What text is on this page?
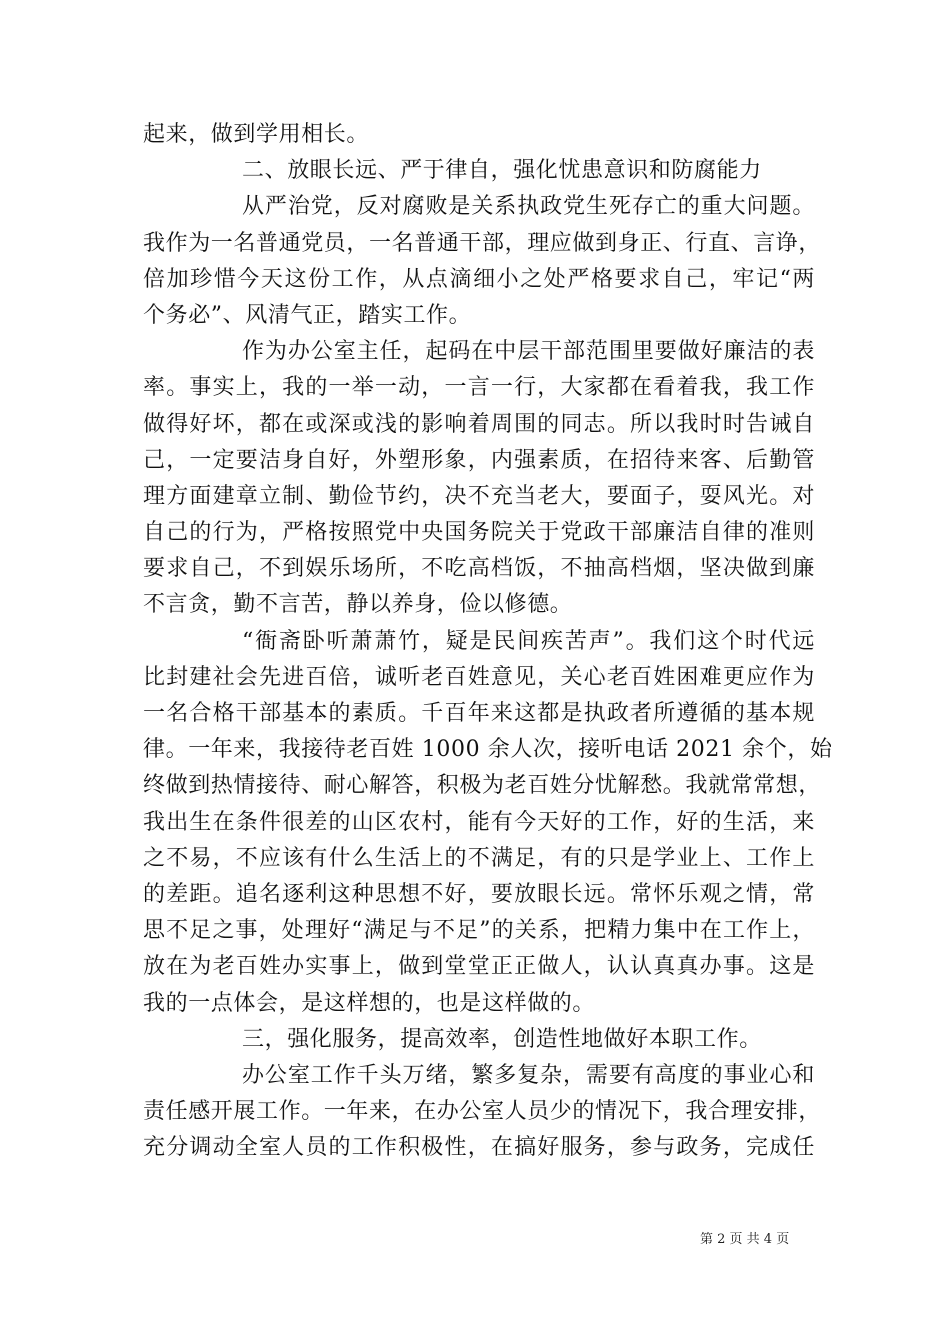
起来，做到学用相长。
二、放眼长远、严于律自，强化忧患意识和防腐能力
从严治党，反对腐败是关系执政党生死存亡的重大问题。
我作为一名普通党员，一名普通干部，理应做到身正、行直、言诤，
倍加珍惜今天这份工作，从点滴细小之处严格要求自己，牢记“两
个务必”、风清气正，踏实工作。
作为办公室主任，起码在中层干部范围里要做好廉洁的表
率。事实上，我的一举一动，一言一行，大家都在看着我，我工作
做得好坏，都在或深或浅的影响着周围的同志。所以我时时告诫自
己，一定要洁身自好，外塑形象，内强素质，在招待来客、后勤管
理方面建章立制、勤俭节约，决不充当老大，要面子，耍风光。对
自己的行为，严格按照党中央国务院关于党政干部廉洁自律的准则
要求自己，不到娱乐场所，不吃高档饭，不抽高档烟，坚决做到廉
不言贪，勤不言苦，静以养身，俭以修德。
“衙斋卧听萧萧竹，疑是民间疾苦声”。我们这个时代远
比封建社会先进百倍，诚听老百姓意见，关心老百姓困难更应作为
一名合格干部基本的素质。千百年来这都是执政者所遵循的基本规
律。一年来，我接待老百姓 1000 余人次，接听电话 2021 余个，始
终做到热情接待、耐心解答，积极为老百姓分忧解愁。我就常常想，
我出生在条件很差的山区农村，能有今天好的工作，好的生活，来
之不易，不应该有什么生活上的不满足，有的只是学业上、工作上
的差距。追名逐利这种思想不好，要放眼长远。常怀乐观之情，常
思不足之事，处理好“满足与不足”的关系，把精力集中在工作上，
放在为老百姓办实事上，做到堂堂正正做人，认认真真办事。这是
我的一点体会，是这样想的，也是这样做的。
三，强化服务，提高效率，创造性地做好本职工作。
办公室工作千头万绪，繁多复杂，需要有高度的事业心和
责任感开展工作。一年来，在办公室人员少的情况下，我合理安排，
充分调动全室人员的工作积极性，在搞好服务，参与政务，完成任
第 2 页 共 4 页
